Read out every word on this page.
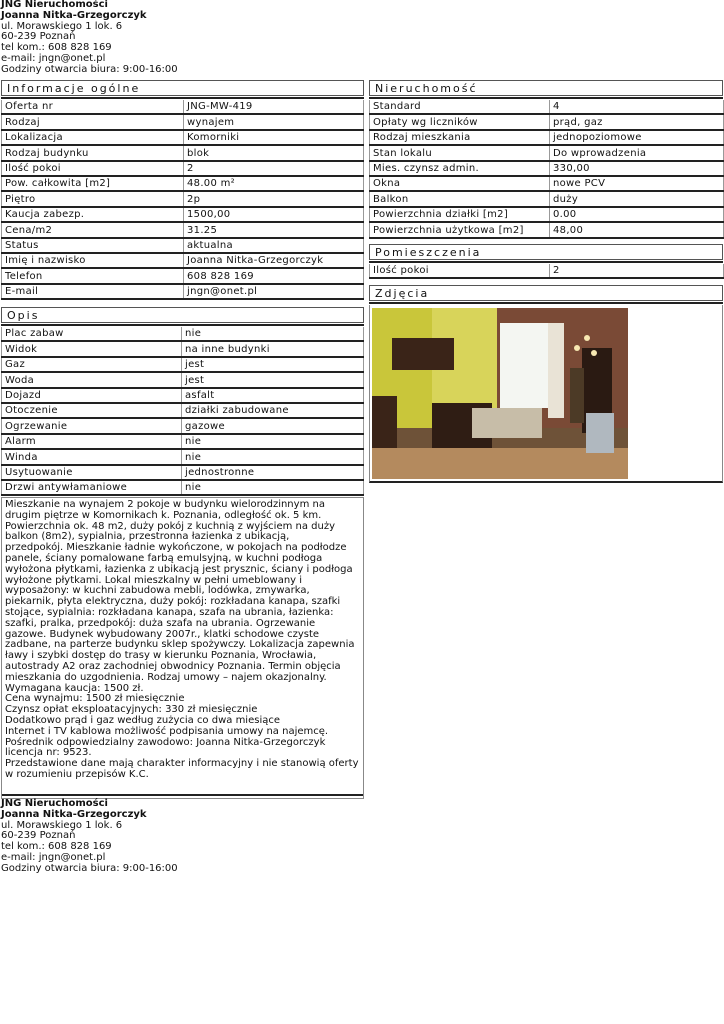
JNG Nieruchomości
Joanna Nitka-Grzegorczyk
ul. Morawskiego 1 lok. 6
60-239 Poznań
tel kom.: 608 828 169
e-mail: jngn@onet.pl
Godziny otwarcia biura: 9:00-16:00
Informacje ogólne	Nieruchomość
Pomieszczenia
Zdjęcia
Opis
Oferta nr	JNG-MW-419
Rodzaj	wynajem
Lokalizacja	Komorniki
Rodzaj budynku	blok
Ilość pokoi	2
Pow. całkowita [m2]	48.00 m²
Piętro	2p
Kaucja zabezp.	1500,00
Cena/m2	31.25
Status	aktualna
Imię i nazwisko	Joanna Nitka-Grzegorczyk
Telefon	608 828 169
E-mail	jngn@onet.pl
Standard	4
Opłaty wg liczników	prąd, gaz
Rodzaj mieszkania	jednopoziomowe
Stan lokalu	Do wprowadzenia
Mies. czynsz admin.	330,00
Okna	nowe PCV
Balkon	duży
Powierzchnia działki [m2]	0.00
Powierzchnia użytkowa [m2]	48,00
Ilość pokoi	2
Plac zabaw	nie
Widok	na inne budynki
Gaz	jest
Woda	jest
Dojazd	asfalt
Otoczenie	działki zabudowane
Ogrzewanie	gazowe
Alarm	nie
Winda	nie
Usytuowanie	jednostronne
Drzwi antywłamaniowe	nie
Mieszkanie na wynajem 2 pokoje w budynku wielorodzinnym na
drugim piętrze w Komornikach k. Poznania, odległość ok. 5 km.
Powierzchnia ok. 48 m2, duży pokój z kuchnią z wyjściem na duży
balkon (8m2), sypialnia, przestronna łazienka z ubikacją,
przedpokój. Mieszkanie ładnie wykończone, w pokojach na podłodze
panele, ściany pomalowane farbą emulsyjną, w kuchni podłoga
wyłożona płytkami, łazienka z ubikacją jest prysznic, ściany i podłoga
wyłożone płytkami. Lokal mieszkalny w pełni umeblowany i
wyposażony: w kuchni zabudowa mebli, lodówka, zmywarka,
piekarnik, płyta elektryczna, duży pokój: rozkładana kanapa, szafki
stojące, sypialnia: rozkładana kanapa, szafa na ubrania, łazienka:
szafki, pralka, przedpokój: duża szafa na ubrania. Ogrzewanie
gazowe. Budynek wybudowany 2007r., klatki schodowe czyste
zadbane, na parterze budynku sklep spożywczy. Lokalizacja zapewnia
ławy i szybki dostęp do trasy w kierunku Poznania, Wrocławia,
autostrady A2 oraz zachodniej obwodnicy Poznania. Termin objęcia
mieszkania do uzgodnienia. Rodzaj umowy – najem okazjonalny.
Wymagana kaucja: 1500 zł.
Cena wynajmu: 1500 zł miesięcznie
Czynsz opłat eksploatacyjnych: 330 zł miesięcznie
Dodatkowo prąd i gaz według zużycia co dwa miesiące
Internet i TV kablowa możliwość podpisania umowy na najemcę.
Pośrednik odpowiedzialny zawodowo: Joanna Nitka-Grzegorczyk
licencja nr: 9523.
Przedstawione dane mają charakter informacyjny i nie stanowią oferty
w rozumieniu przepisów K.C.
JNG Nieruchomości
Joanna Nitka-Grzegorczyk
ul. Morawskiego 1 lok. 6
60-239 Poznań
tel kom.: 608 828 169
e-mail: jngn@onet.pl
Godziny otwarcia biura: 9:00-16:00
